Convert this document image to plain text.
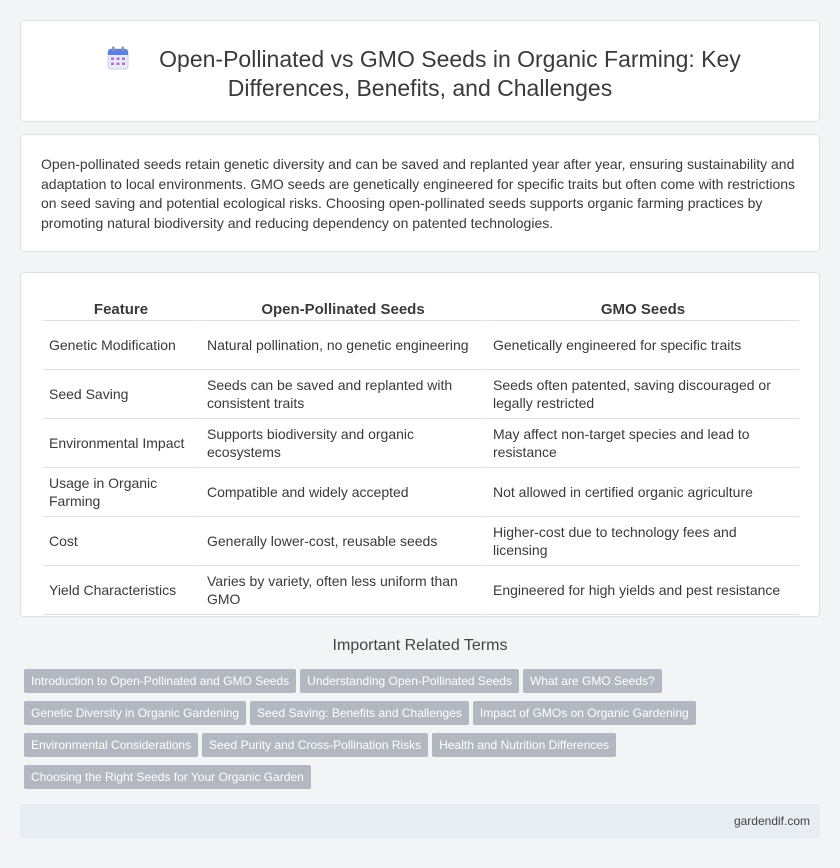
Open-Pollinated vs GMO Seeds in Organic Farming: Key
Differences, Benefits, and Challenges

Open-pollinated seeds retain genetic diversity and can be saved and replanted year after year, ensuring sustainability and adaptation to local environments. GMO seeds are genetically engineered for specific traits but often come with restrictions on seed saving and potential ecological risks. Choosing open-pollinated seeds supports organic farming practices by promoting natural biodiversity and reducing dependency on patented technologies.

Feature	Open-Pollinated Seeds	GMO Seeds
Genetic Modification	Natural pollination, no genetic engineering	Genetically engineered for specific traits
Seed Saving	Seeds can be saved and replanted with consistent traits	Seeds often patented, saving discouraged or legally restricted
Environmental Impact	Supports biodiversity and organic ecosystems	May affect non-target species and lead to resistance
Usage in Organic Farming	Compatible and widely accepted	Not allowed in certified organic agriculture
Cost	Generally lower-cost, reusable seeds	Higher-cost due to technology fees and licensing
Yield Characteristics	Varies by variety, often less uniform than GMO	Engineered for high yields and pest resistance
Important Related Terms
Introduction to Open-Pollinated and GMO Seeds Understanding Open-Pollinated Seeds What are GMO Seeds?
Genetic Diversity in Organic Gardening Seed Saving: Benefits and Challenges Impact of GMOs on Organic Gardening
Environmental Considerations Seed Purity and Cross-Pollination Risks Health and Nutrition Differences
Choosing the Right Seeds for Your Organic Garden
gardendif.com
